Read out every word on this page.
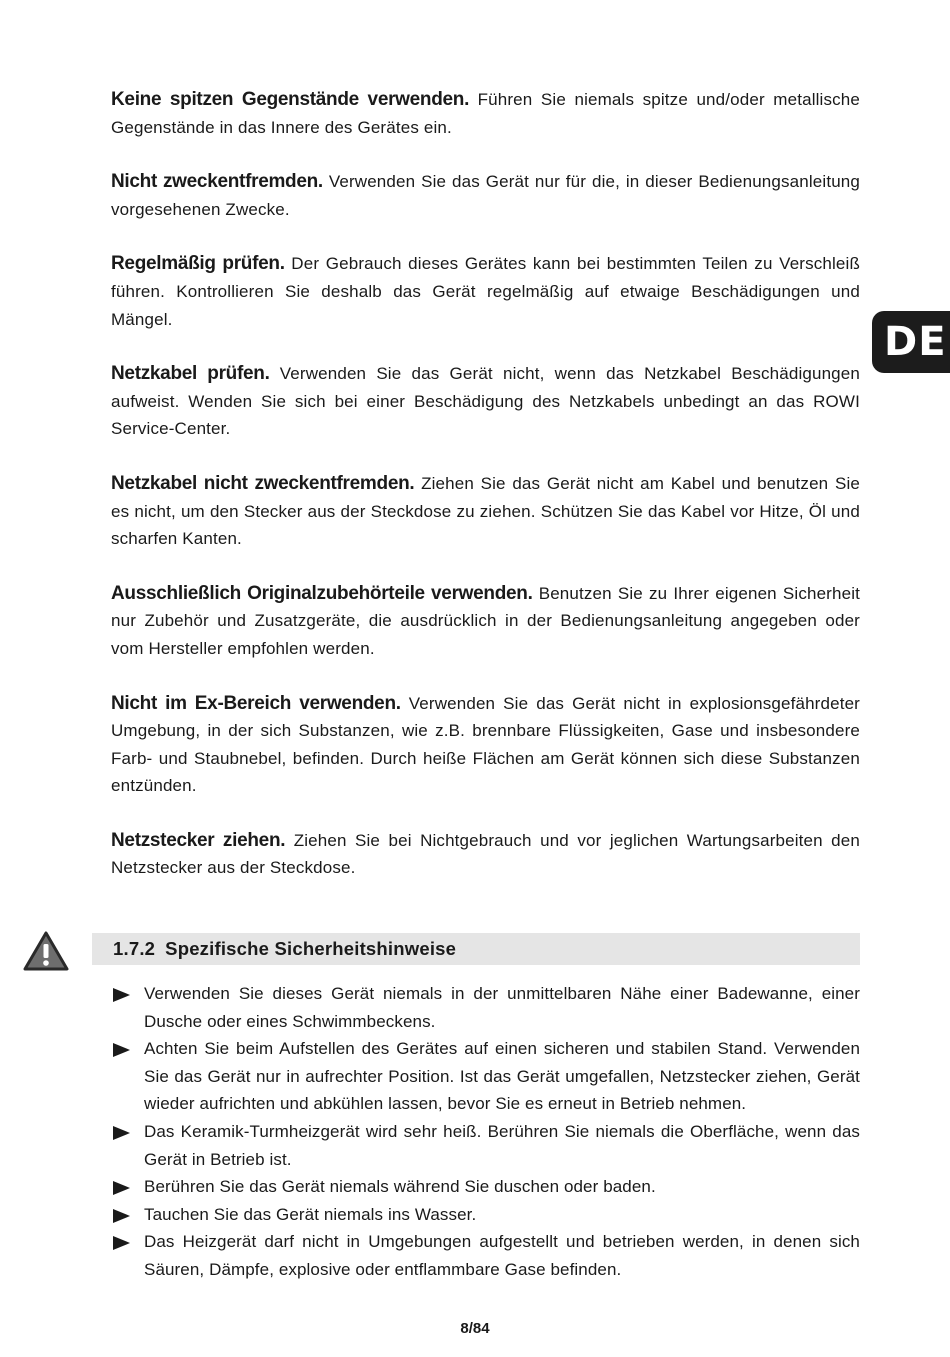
Keine spitzen Gegenstände verwenden. Führen Sie niemals spitze und/oder metallische Gegenstände in das Innere des Gerätes ein.

Nicht zweckentfremden. Verwenden Sie das Gerät nur für die, in dieser Bedienungsanleitung vorgesehenen Zwecke.

Regelmäßig prüfen. Der Gebrauch dieses Gerätes kann bei bestimmten Teilen zu Verschleiß führen. Kontrollieren Sie deshalb das Gerät regelmäßig auf etwaige Beschädigungen und Mängel.

Netzkabel prüfen. Verwenden Sie das Gerät nicht, wenn das Netzkabel Beschädigungen aufweist. Wenden Sie sich bei einer Beschädigung des Netzkabels unbedingt an das ROWI Service-Center.

Netzkabel nicht zweckentfremden. Ziehen Sie das Gerät nicht am Kabel und benutzen Sie es nicht, um den Stecker aus der Steckdose zu ziehen. Schützen Sie das Kabel vor Hitze, Öl und scharfen Kanten.

Ausschließlich Originalzubehörteile verwenden. Benutzen Sie zu Ihrer eigenen Sicherheit nur Zubehör und Zusatzgeräte, die ausdrücklich in der Bedienungsanleitung angegeben oder vom Hersteller empfohlen werden.

Nicht im Ex-Bereich verwenden. Verwenden Sie das Gerät nicht in explosionsgefährdeter Umgebung, in der sich Substanzen, wie z.B. brennbare Flüssigkeiten, Gase und insbesondere Farb- und Staubnebel, befinden. Durch heiße Flächen am Gerät können sich diese Substanzen entzünden.

Netzstecker ziehen. Ziehen Sie bei Nichtgebrauch und vor jeglichen Wartungsarbeiten den Netzstecker aus der Steckdose.

DE
1.7.2 Spezifische Sicherheitshinweise
Verwenden Sie dieses Gerät niemals in der unmittelbaren Nähe einer Badewanne, einer Dusche oder eines Schwimmbeckens.
Achten Sie beim Aufstellen des Gerätes auf einen sicheren und stabilen Stand. Verwenden Sie das Gerät nur in aufrechter Position. Ist das Gerät umgefallen, Netzstecker ziehen, Gerät wieder aufrichten und abkühlen lassen, bevor Sie es erneut in Betrieb nehmen.
Das Keramik-Turmheizgerät wird sehr heiß. Berühren Sie niemals die Oberfläche, wenn das Gerät in Betrieb ist.
Berühren Sie das Gerät niemals während Sie duschen oder baden.
Tauchen Sie das Gerät niemals ins Wasser.
Das Heizgerät darf nicht in Umgebungen aufgestellt und betrieben werden, in denen sich Säuren, Dämpfe, explosive oder entflammbare Gase befinden.
8/84
